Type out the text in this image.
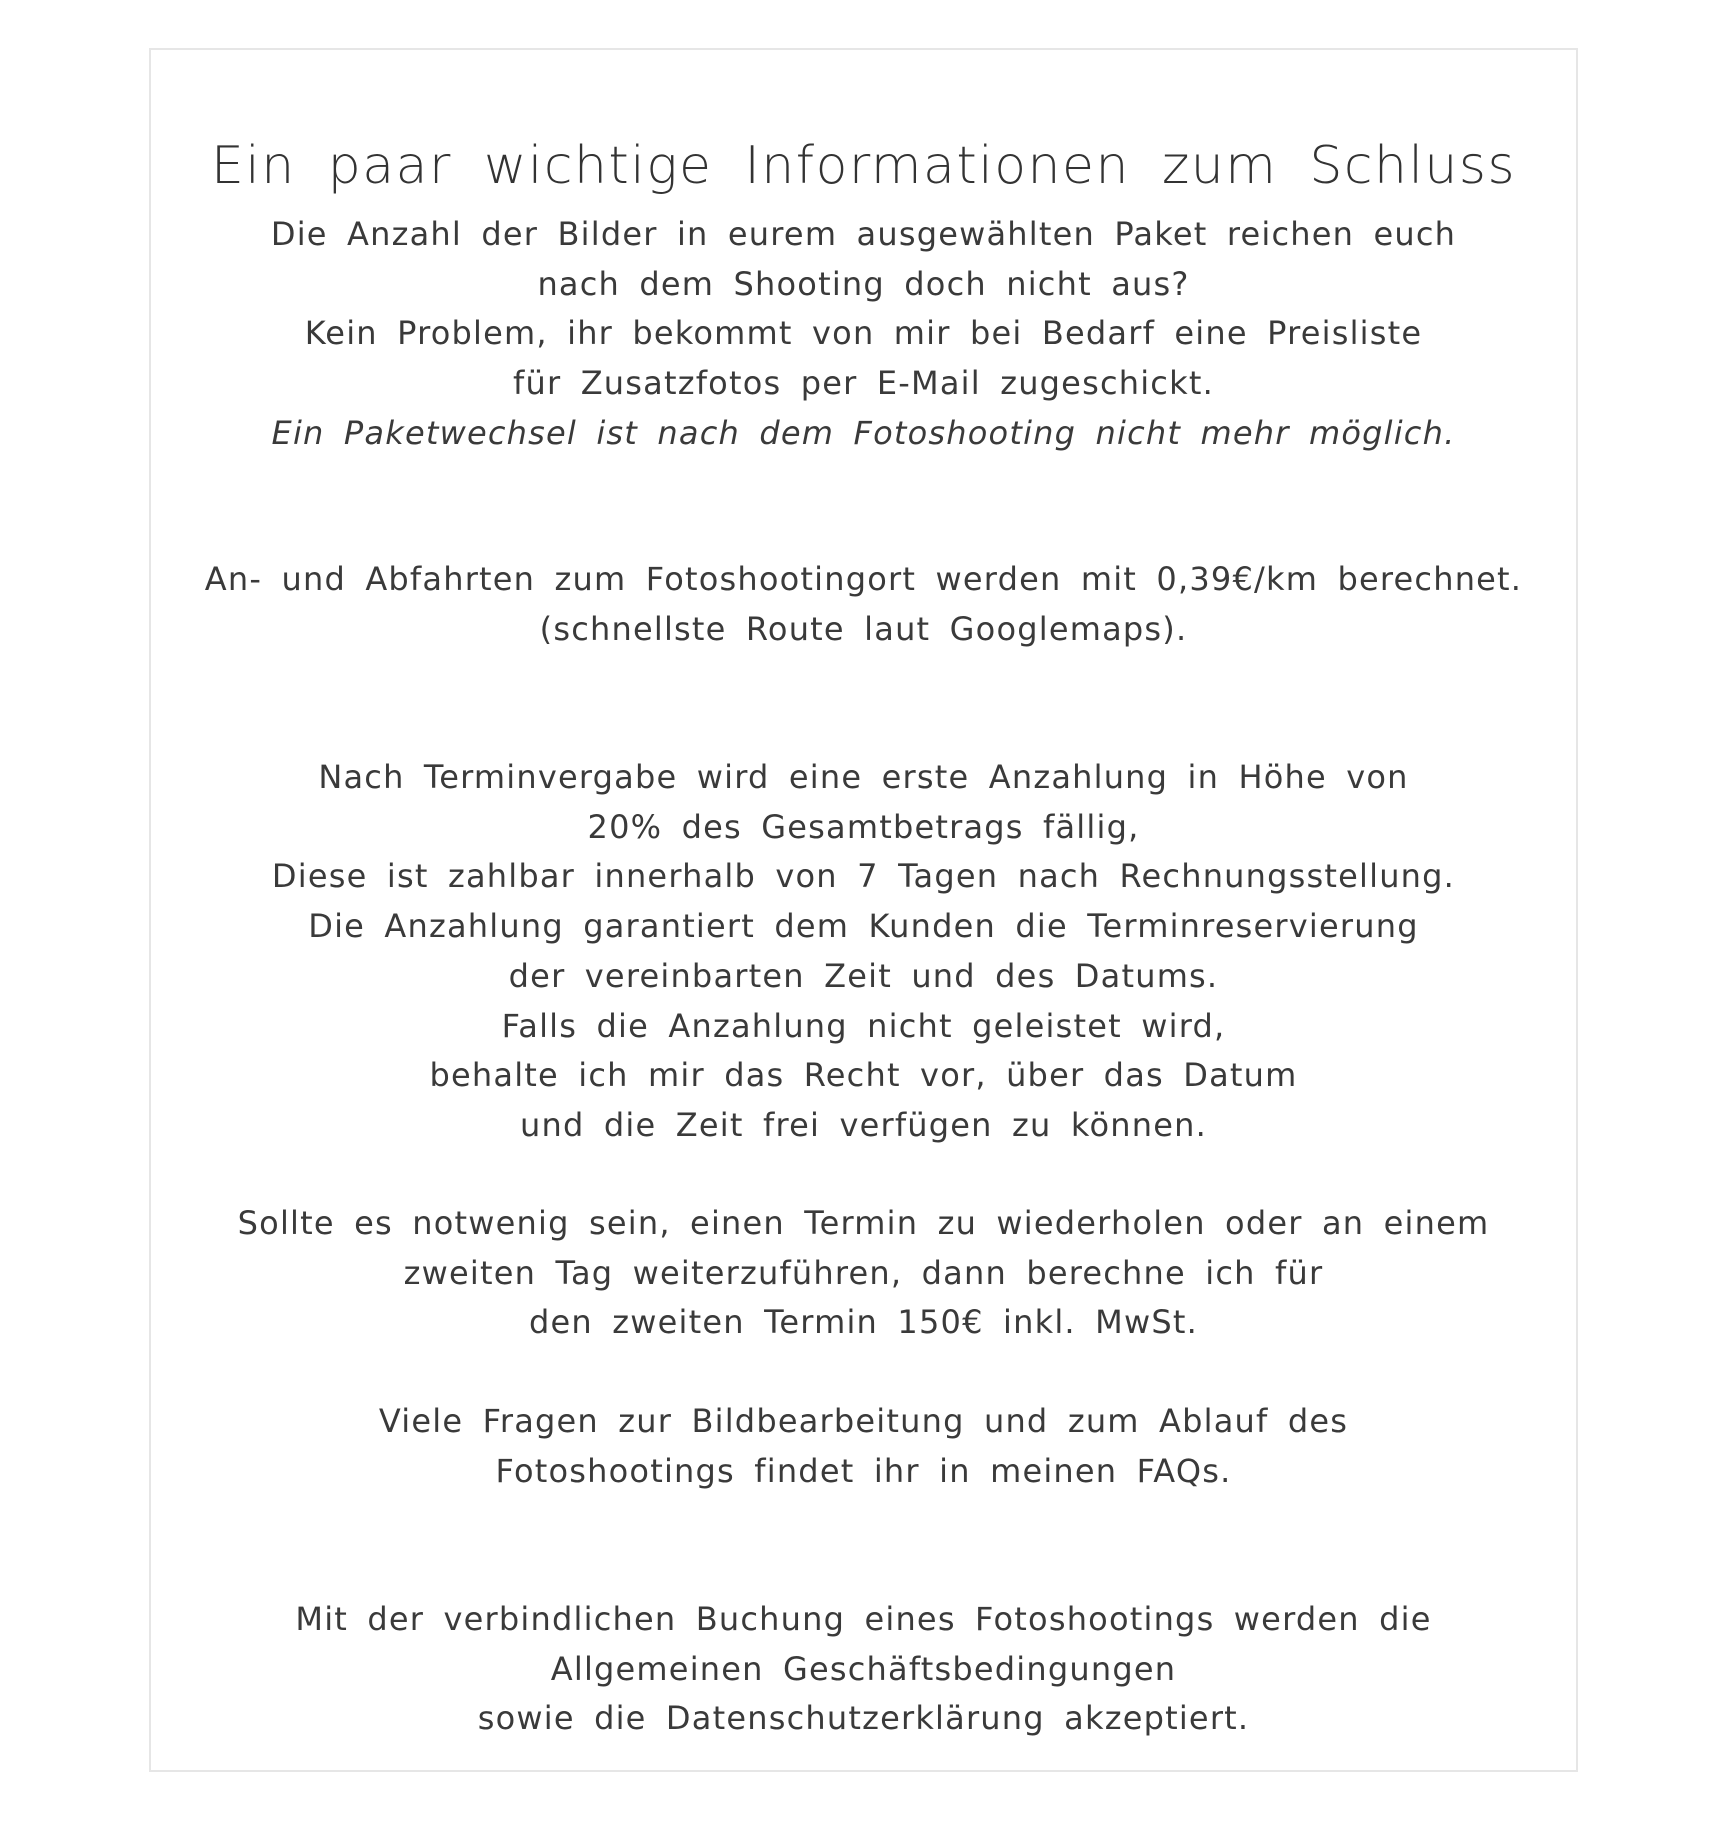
Ein paar wichtige Informationen zum Schluss
Die Anzahl der Bilder in eurem ausgewählten Paket reichen euch
nach dem Shooting doch nicht aus?
Kein Problem, ihr bekommt von mir bei Bedarf eine Preisliste
für Zusatzfotos per E-Mail zugeschickt.
Ein Paketwechsel ist nach dem Fotoshooting nicht mehr möglich.
An- und Abfahrten zum Fotoshootingort werden mit 0,39€/km berechnet.
(schnellste Route laut Googlemaps).
Nach Terminvergabe wird eine erste Anzahlung in Höhe von
20% des Gesamtbetrags fällig,
Diese ist zahlbar innerhalb von 7 Tagen nach Rechnungsstellung.
Die Anzahlung garantiert dem Kunden die Terminreservierung
der vereinbarten Zeit und des Datums.
Falls die Anzahlung nicht geleistet wird,
behalte ich mir das Recht vor, über das Datum
und die Zeit frei verfügen zu können.
Sollte es notwenig sein, einen Termin zu wiederholen oder an einem
zweiten Tag weiterzuführen, dann berechne ich für
den zweiten Termin 150€ inkl. MwSt.
Viele Fragen zur Bildbearbeitung und zum Ablauf des
Fotoshootings findet ihr in meinen FAQs.
Mit der verbindlichen Buchung eines Fotoshootings werden die
Allgemeinen Geschäftsbedingungen
sowie die Datenschutzerklärung akzeptiert.
